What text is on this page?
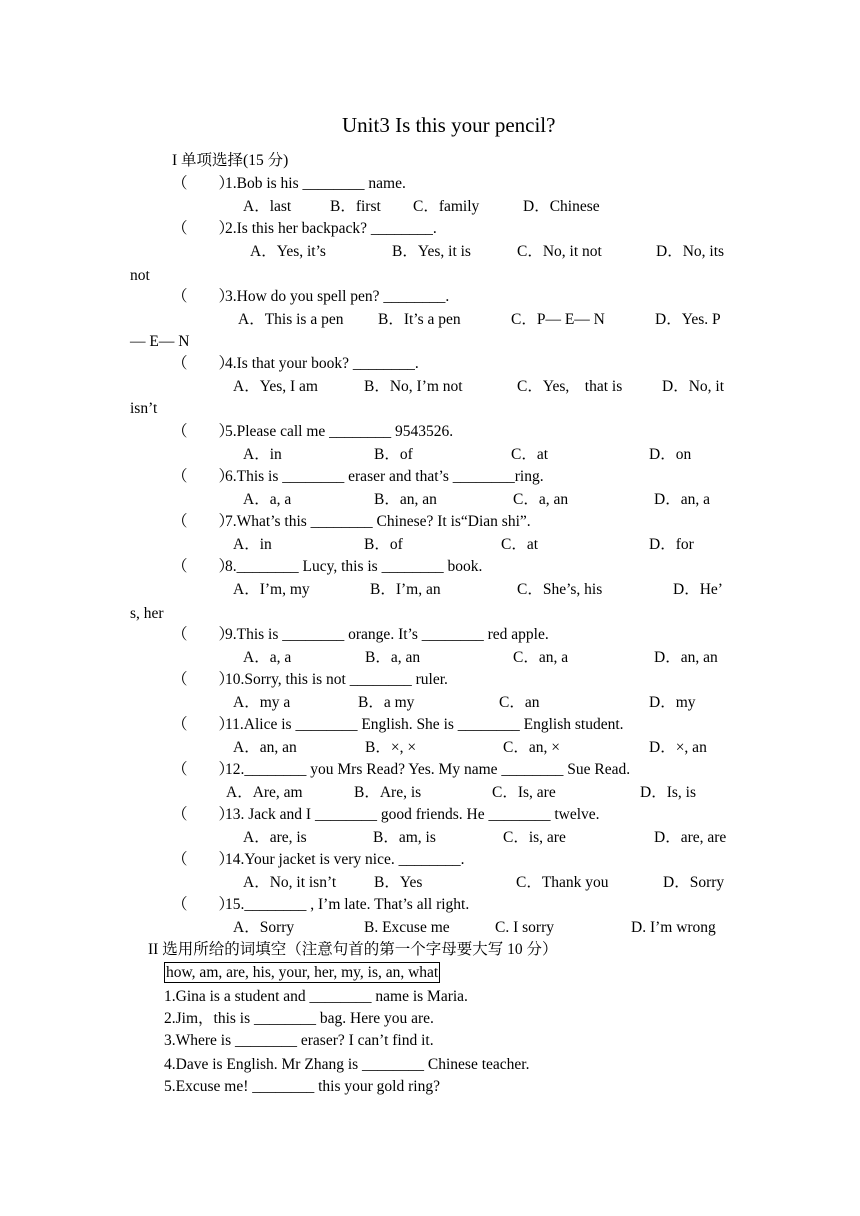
Unit3 Is this your pencil?
I 单项选择(15 分)
（　　）
1.Bob is his ________ name.
A．last	B．first C．family	D．Chinese
（　　）
2.Is this her backpack? ________.
A．Yes, it’s	B．Yes, it is	C．No, it not	D．No, its
not
（　　）
3.How do you spell pen? ________.
A．This is a pen B．It’s a pen	C．P— E— N	D．Yes. P
— E— N
（　　）
4.Is that your book? ________.
A．Yes, I am	B．No, I’m not	C．Yes,　that is	D．No, it
isn’t
（　　）
5.Please call me ________ 9543526.
A．in	B．of	C．at	D．on
（　　）
6.This is ________ eraser and that’s ________ring.
A．a, a	B．an, an	C．a, an	D．an, a
（　　）
7.What’s this ________ Chinese? It is“Dian shi”.
A．in	B．of	C．at	D．for
（　　）
8.________ Lucy, this is ________ book.
A．I’m, my	B．I’m, an	C．She’s, his	D．He’
s, her
（　　）
9.This is ________ orange. It’s ________ red apple.
A．a, a	B．a, an	C．an, a	D．an, an
（　　）
10.Sorry, this is not ________ ruler.
A．my a	B．a my	C．an	D．my
（　　）
11.Alice is ________ English. She is ________ English student.
A．an, an	B．×, ×	C．an, ×	D．×, an
（　　）
12.________ you Mrs Read? Yes. My name ________ Sue Read.
A．Are, am	B．Are, is	C．Is, are	D．Is, is
（　　）
13. Jack and I ________ good friends. He ________ twelve.
A．are, is	B．am, is	C．is, are	D．are, are
（　　）
14.Your jacket is very nice. ________.
A．No, it isn’t B．Yes	C．Thank you	D．Sorry
（　　）
15.________ , I’m late. That’s all right.
A．Sorry	B. Excuse me	C. I sorry	D. I’m wrong
II 选用所给的词填空（注意句首的第一个字母要大写 10 分）
how, am, are, his, your, her, my, is, an, what
1.Gina is a student and ________ name is Maria.
2.Jim，this is ________ bag. Here you are.
3.Where is ________ eraser? I can’t find it.
4.Dave is English. Mr Zhang is ________ Chinese teacher.
5.Excuse me! ________ this your gold ring?
